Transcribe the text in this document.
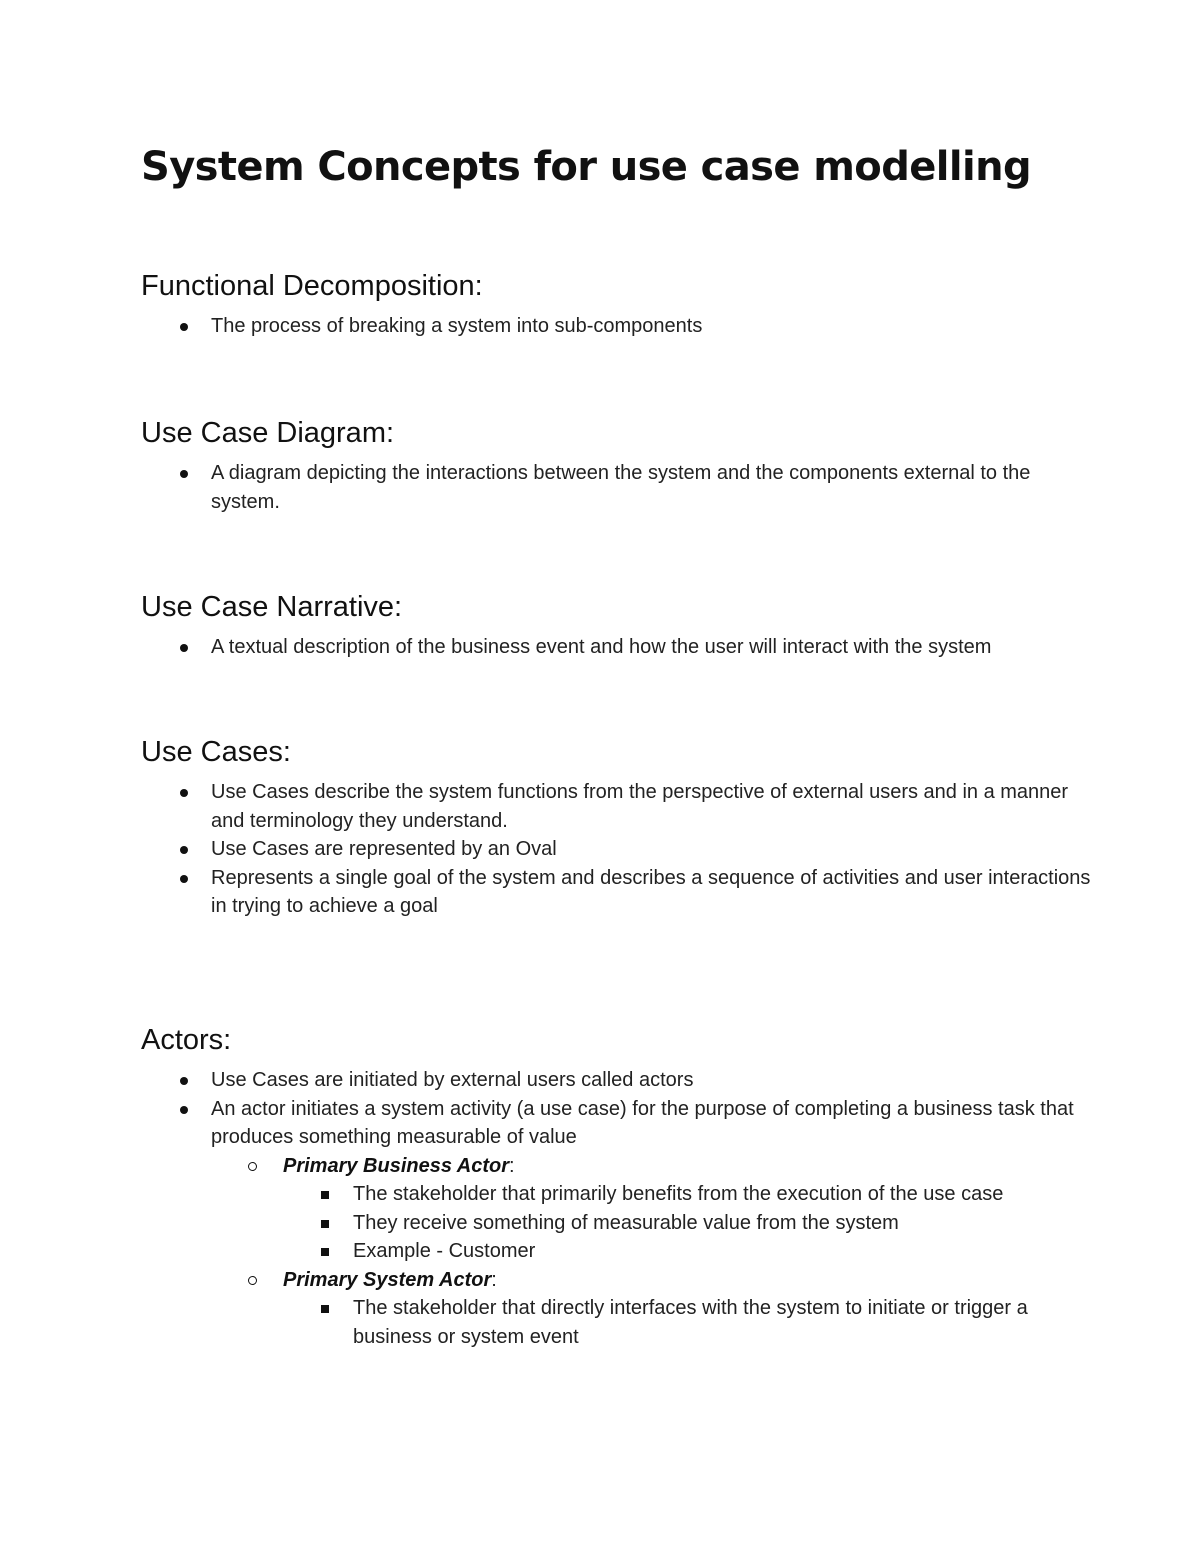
System Concepts for use case modelling
Functional Decomposition:
The process of breaking a system into sub-components
Use Case Diagram:
A diagram depicting the interactions between the system and the components external to the system.
Use Case Narrative:
A textual description of the business event and how the user will interact with the system
Use Cases:
Use Cases describe the system functions from the perspective of external users and in a manner and terminology they understand.
Use Cases are represented by an Oval
Represents a single goal of the system and describes a sequence of activities and user interactions in trying to achieve a goal
Actors:
Use Cases are initiated by external users called actors
An actor initiates a system activity (a use case) for the purpose of completing a business task that produces something measurable of value
Primary Business Actor:
The stakeholder that primarily benefits from the execution of the use case
They receive something of measurable value from the system
Example - Customer
Primary System Actor:
The stakeholder that directly interfaces with the system to initiate or trigger a business or system event
